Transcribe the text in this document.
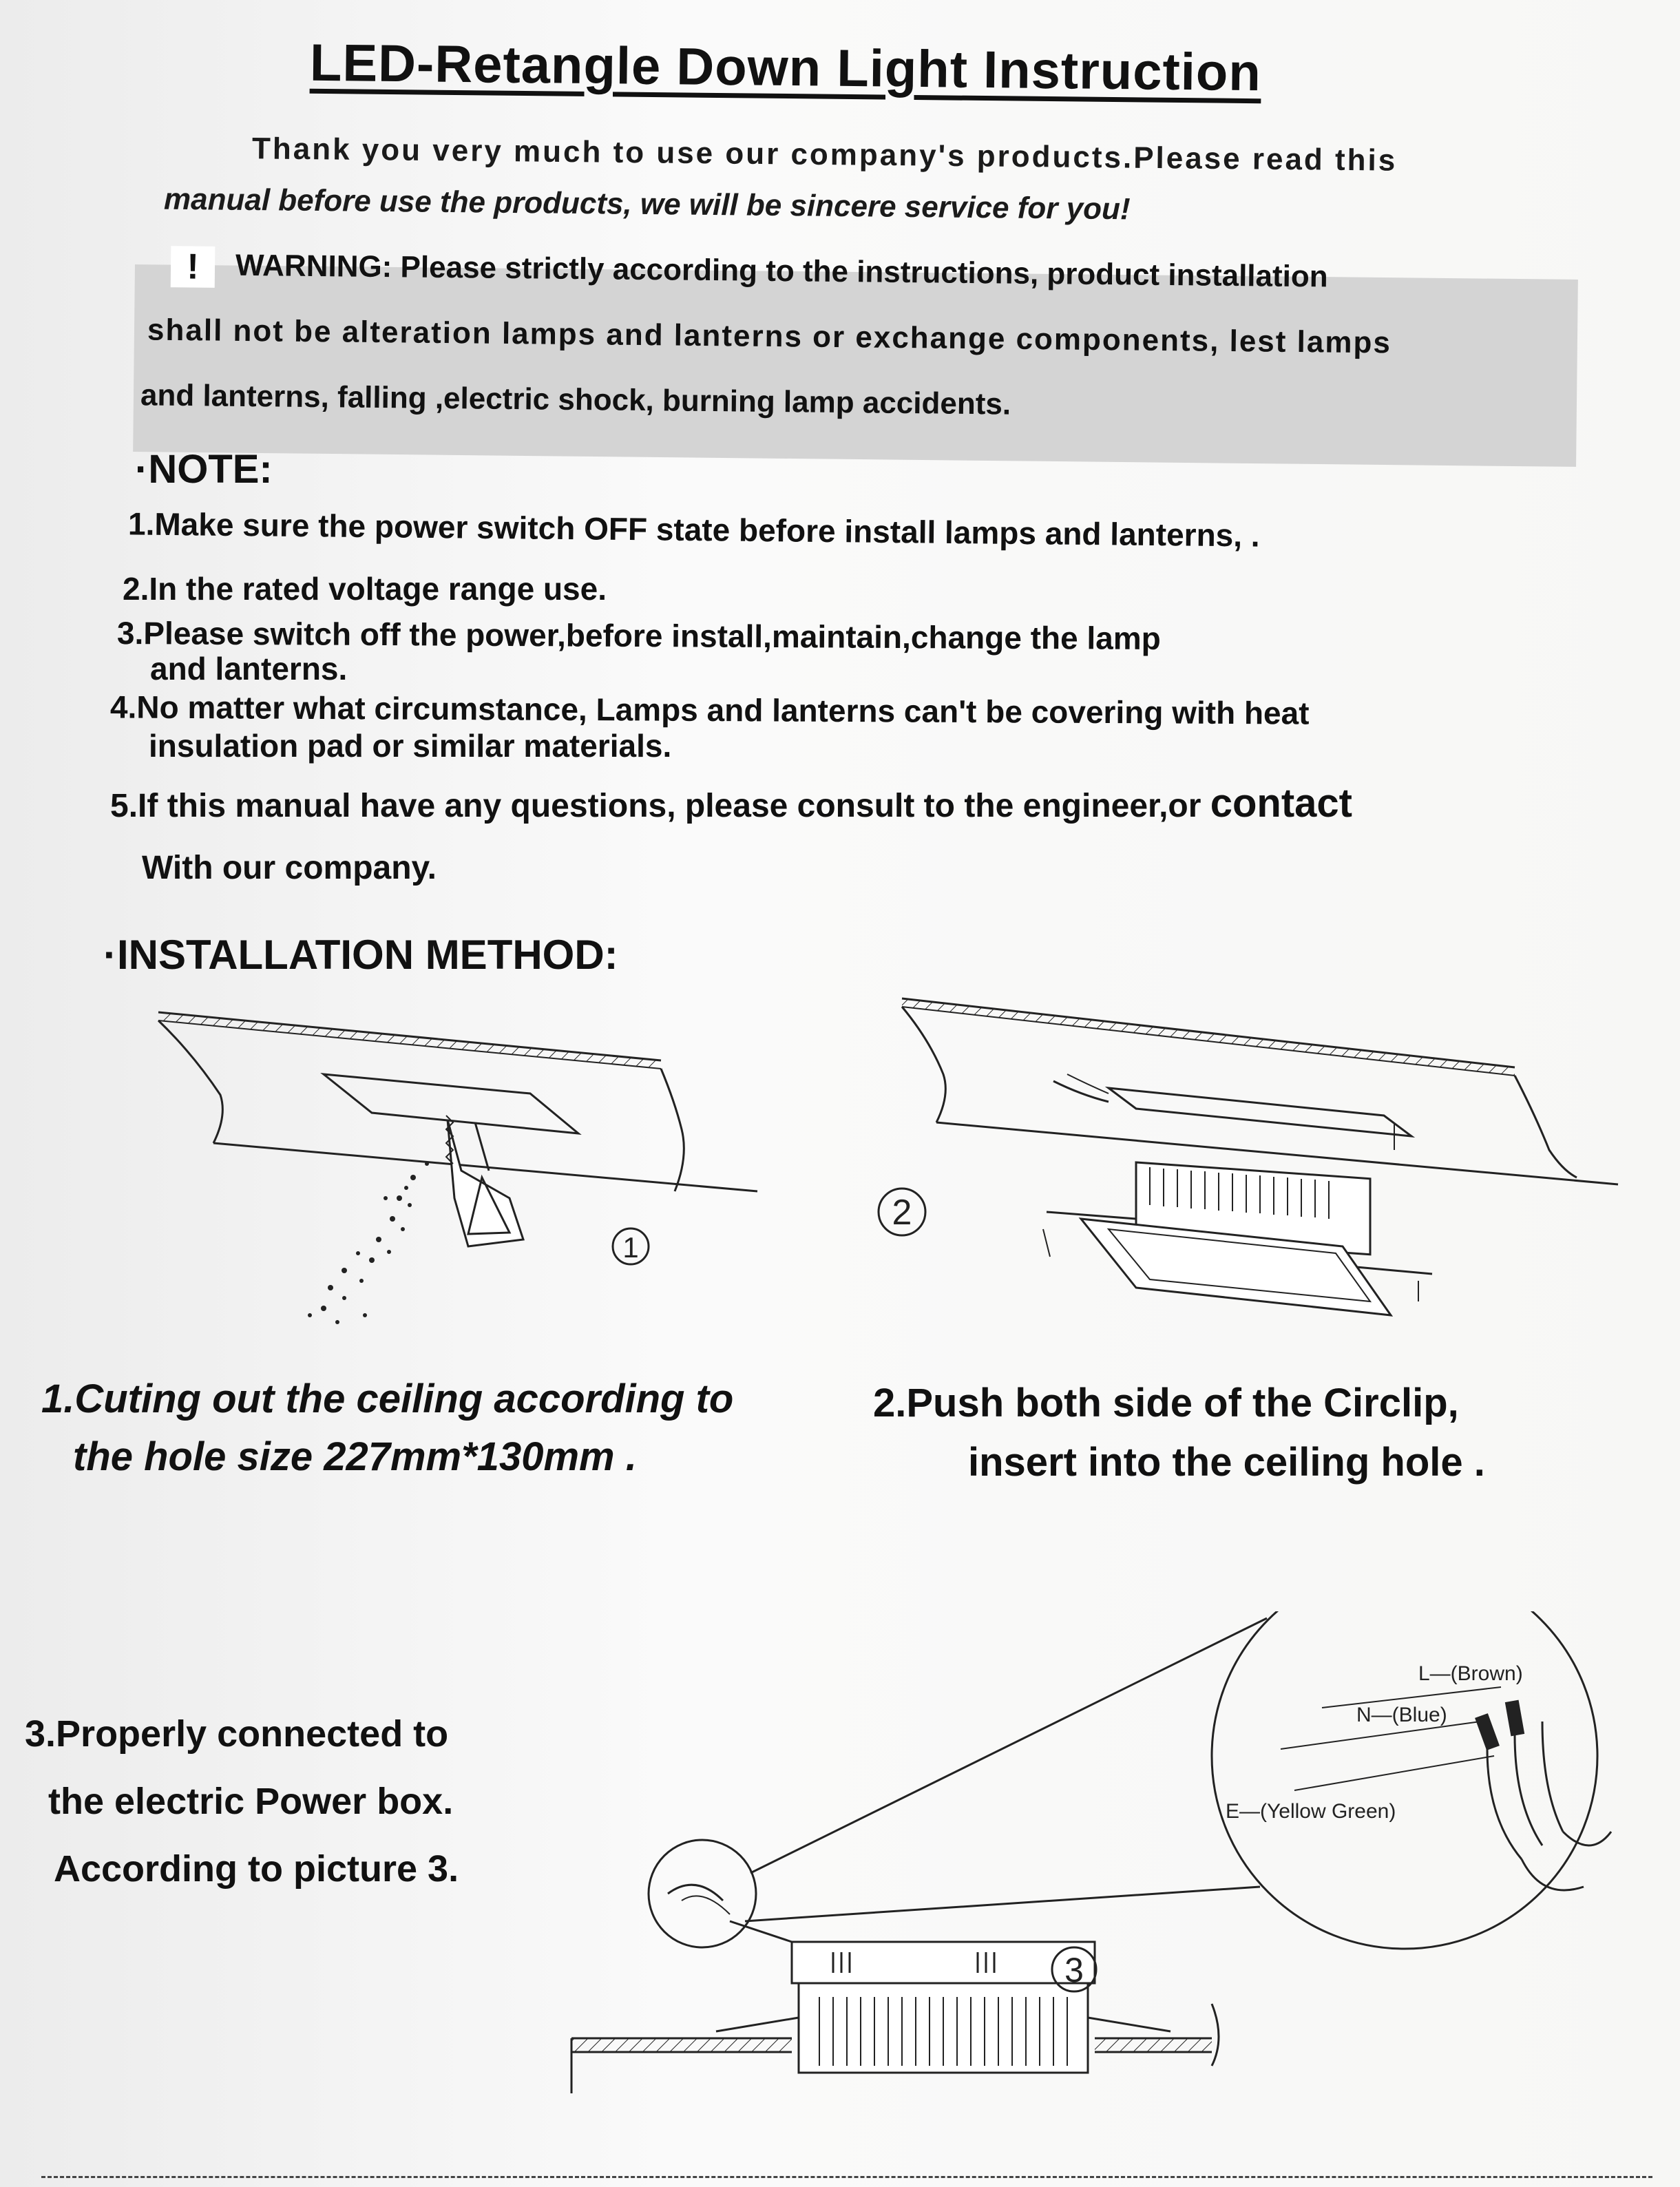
LED-Retangle Down Light Instruction
Thank you very much to use our company's products.Please read this
manual before use the products, we will be sincere service for you!
! WARNING: Please strictly according to the instructions, product installation
shall not be alteration lamps and lanterns or exchange components, lest lamps
and lanterns, falling ,electric shock, burning lamp accidents.
·NOTE:
1.Make sure the power switch OFF state before install lamps and lanterns, .
2.In the rated voltage range use.
3.Please switch off the power,before install,maintain,change the lamp
and lanterns.
4.No matter what circumstance, Lamps and lanterns can't be covering with heat
insulation pad or similar materials.
5.If this manual have any questions, please consult to the engineer,or contact
With our company.
·INSTALLATION METHOD:
1
2
1.Cuting out the ceiling according to
the hole size 227mm*130mm .
2.Push both side of the Circlip,
insert into the ceiling hole .
3.Properly connected to
the electric Power box.
According to picture 3.
L—(Brown)
N—(Blue)
E—(Yellow Green)
3
